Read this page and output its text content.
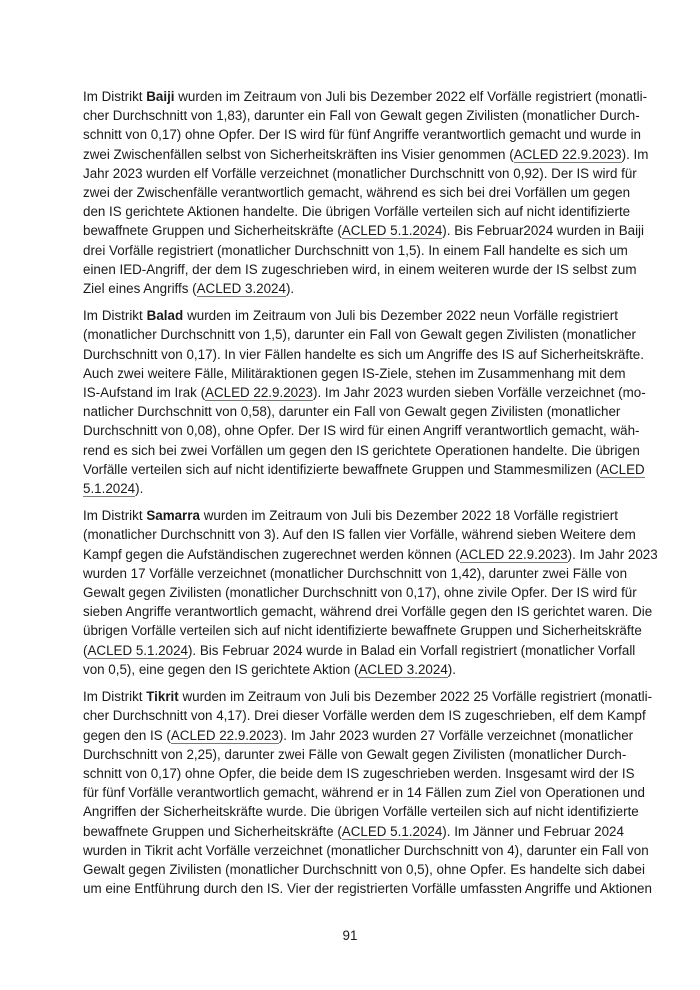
Im Distrikt Baiji wurden im Zeitraum von Juli bis Dezember 2022 elf Vorfälle registriert (monatli-
cher Durchschnitt von 1,83), darunter ein Fall von Gewalt gegen Zivilisten (monatlicher Durch-
schnitt von 0,17) ohne Opfer. Der IS wird für fünf Angriffe verantwortlich gemacht und wurde in
zwei Zwischenfällen selbst von Sicherheitskräften ins Visier genommen (ACLED 22.9.2023). Im
Jahr 2023 wurden elf Vorfälle verzeichnet (monatlicher Durchschnitt von 0,92). Der IS wird für
zwei der Zwischenfälle verantwortlich gemacht, während es sich bei drei Vorfällen um gegen
den IS gerichtete Aktionen handelte. Die übrigen Vorfälle verteilen sich auf nicht identifizierte
bewaffnete Gruppen und Sicherheitskräfte (ACLED 5.1.2024). Bis Februar2024 wurden in Baiji
drei Vorfälle registriert (monatlicher Durchschnitt von 1,5). In einem Fall handelte es sich um
einen IED-Angriff, der dem IS zugeschrieben wird, in einem weiteren wurde der IS selbst zum
Ziel eines Angriffs (ACLED 3.2024).
Im Distrikt Balad wurden im Zeitraum von Juli bis Dezember 2022 neun Vorfälle registriert
(monatlicher Durchschnitt von 1,5), darunter ein Fall von Gewalt gegen Zivilisten (monatlicher
Durchschnitt von 0,17). In vier Fällen handelte es sich um Angriffe des IS auf Sicherheitskräfte.
Auch zwei weitere Fälle, Militäraktionen gegen IS-Ziele, stehen im Zusammenhang mit dem
IS-Aufstand im Irak (ACLED 22.9.2023). Im Jahr 2023 wurden sieben Vorfälle verzeichnet (mo-
natlicher Durchschnitt von 0,58), darunter ein Fall von Gewalt gegen Zivilisten (monatlicher
Durchschnitt von 0,08), ohne Opfer. Der IS wird für einen Angriff verantwortlich gemacht, wäh-
rend es sich bei zwei Vorfällen um gegen den IS gerichtete Operationen handelte. Die übrigen
Vorfälle verteilen sich auf nicht identifizierte bewaffnete Gruppen und Stammesmilizen (ACLED
5.1.2024).
Im Distrikt Samarra wurden im Zeitraum von Juli bis Dezember 2022 18 Vorfälle registriert
(monatlicher Durchschnitt von 3). Auf den IS fallen vier Vorfälle, während sieben Weitere dem
Kampf gegen die Aufständischen zugerechnet werden können (ACLED 22.9.2023). Im Jahr 2023
wurden 17 Vorfälle verzeichnet (monatlicher Durchschnitt von 1,42), darunter zwei Fälle von
Gewalt gegen Zivilisten (monatlicher Durchschnitt von 0,17), ohne zivile Opfer. Der IS wird für
sieben Angriffe verantwortlich gemacht, während drei Vorfälle gegen den IS gerichtet waren. Die
übrigen Vorfälle verteilen sich auf nicht identifizierte bewaffnete Gruppen und Sicherheitskräfte
(ACLED 5.1.2024). Bis Februar 2024 wurde in Balad ein Vorfall registriert (monatlicher Vorfall
von 0,5), eine gegen den IS gerichtete Aktion (ACLED 3.2024).
Im Distrikt Tikrit wurden im Zeitraum von Juli bis Dezember 2022 25 Vorfälle registriert (monatli-
cher Durchschnitt von 4,17). Drei dieser Vorfälle werden dem IS zugeschrieben, elf dem Kampf
gegen den IS (ACLED 22.9.2023). Im Jahr 2023 wurden 27 Vorfälle verzeichnet (monatlicher
Durchschnitt von 2,25), darunter zwei Fälle von Gewalt gegen Zivilisten (monatlicher Durch-
schnitt von 0,17) ohne Opfer, die beide dem IS zugeschrieben werden. Insgesamt wird der IS
für fünf Vorfälle verantwortlich gemacht, während er in 14 Fällen zum Ziel von Operationen und
Angriffen der Sicherheitskräfte wurde. Die übrigen Vorfälle verteilen sich auf nicht identifizierte
bewaffnete Gruppen und Sicherheitskräfte (ACLED 5.1.2024). Im Jänner und Februar 2024
wurden in Tikrit acht Vorfälle verzeichnet (monatlicher Durchschnitt von 4), darunter ein Fall von
Gewalt gegen Zivilisten (monatlicher Durchschnitt von 0,5), ohne Opfer. Es handelte sich dabei
um eine Entführung durch den IS. Vier der registrierten Vorfälle umfassten Angriffe und Aktionen
91
